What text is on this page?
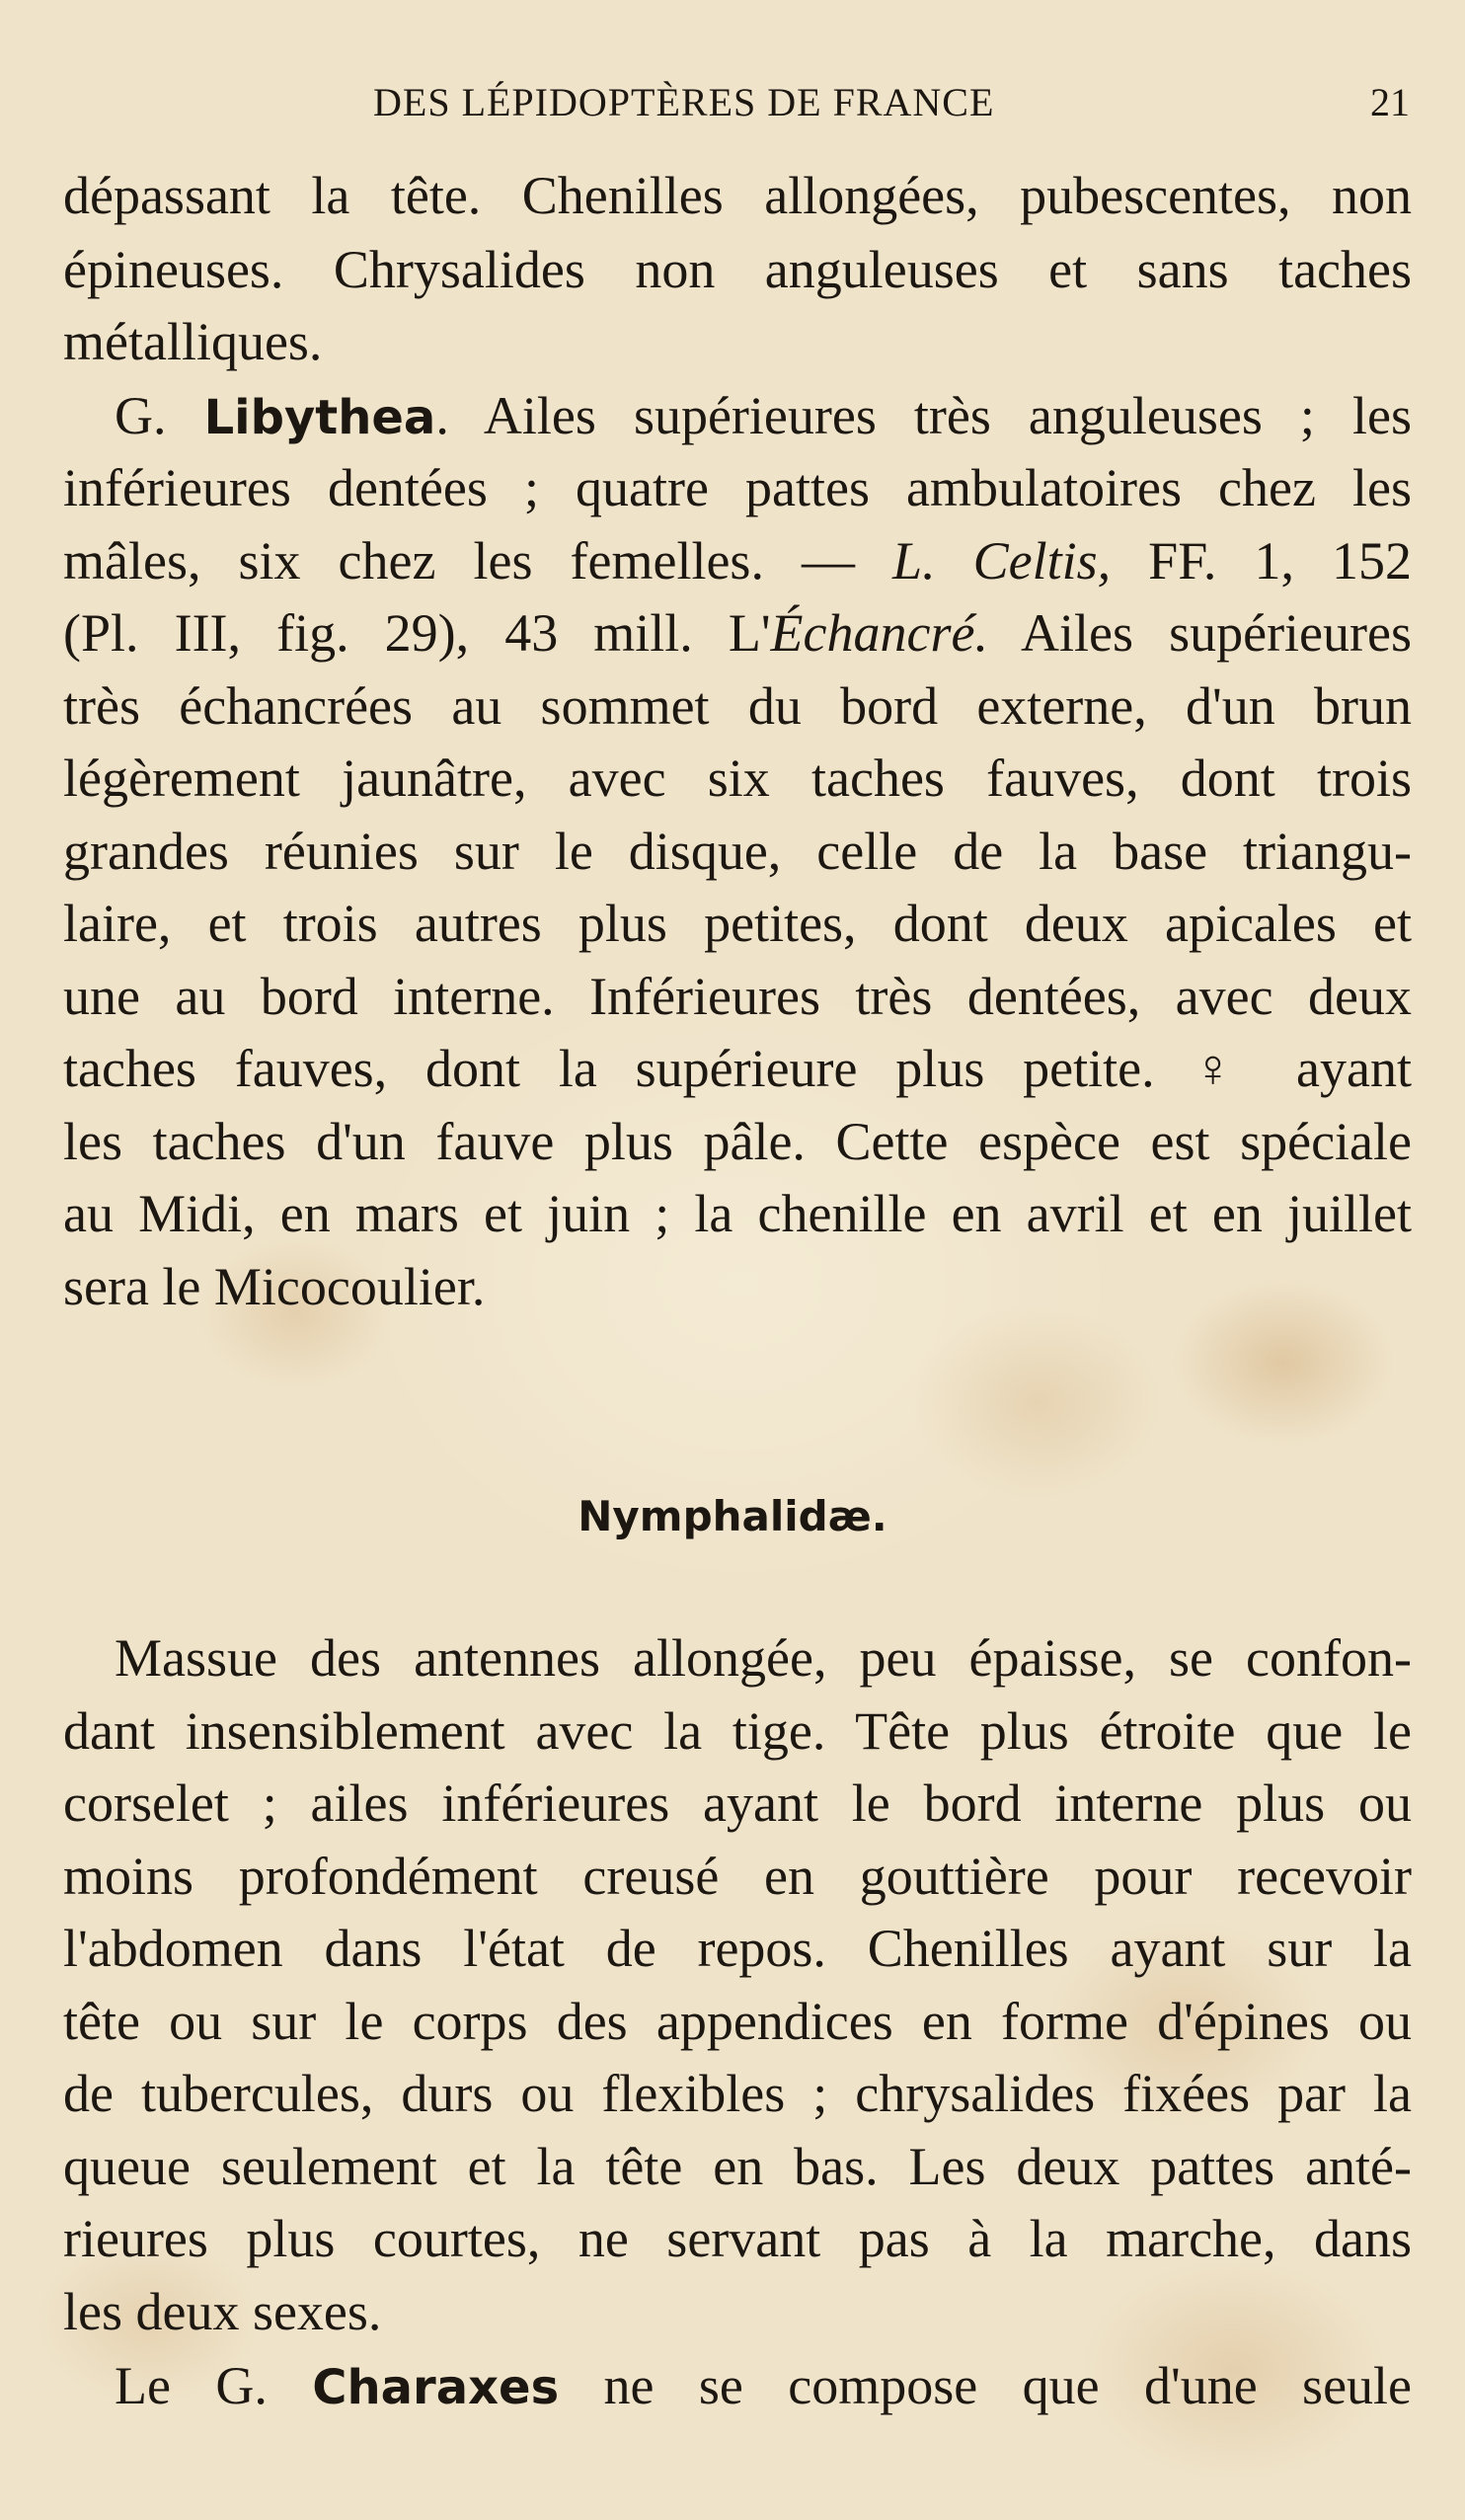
DES LÉPIDOPTÈRES DE FRANCE	21
dépassant la tête. Chenilles allongées, pubescentes, non
épineuses. Chrysalides non anguleuses et sans taches
métalliques.
G. Libythea. Ailes supérieures très anguleuses ; les
inférieures dentées ; quatre pattes ambulatoires chez les
mâles, six chez les femelles. — L. Celtis, FF. 1, 152
(Pl. III, fig. 29), 43 mill. L'Échancré. Ailes supérieures
très échancrées au sommet du bord externe, d'un brun
légèrement jaunâtre, avec six taches fauves, dont trois
grandes réunies sur le disque, celle de la base triangu-
laire, et trois autres plus petites, dont deux apicales et
une au bord interne. Inférieures très dentées, avec deux
taches fauves, dont la supérieure plus petite. ♀ ayant
les taches d'un fauve plus pâle. Cette espèce est spéciale
au Midi, en mars et juin ; la chenille en avril et en juillet
sera le Micocoulier.
Nymphalidæ.
Massue des antennes allongée, peu épaisse, se confon-
dant insensiblement avec la tige. Tête plus étroite que le
corselet ; ailes inférieures ayant le bord interne plus ou
moins profondément creusé en gouttière pour recevoir
l'abdomen dans l'état de repos. Chenilles ayant sur la
tête ou sur le corps des appendices en forme d'épines ou
de tubercules, durs ou flexibles ; chrysalides fixées par la
queue seulement et la tête en bas. Les deux pattes anté-
rieures plus courtes, ne servant pas à la marche, dans
les deux sexes.
Le G. Charaxes ne se compose que d'une seule
